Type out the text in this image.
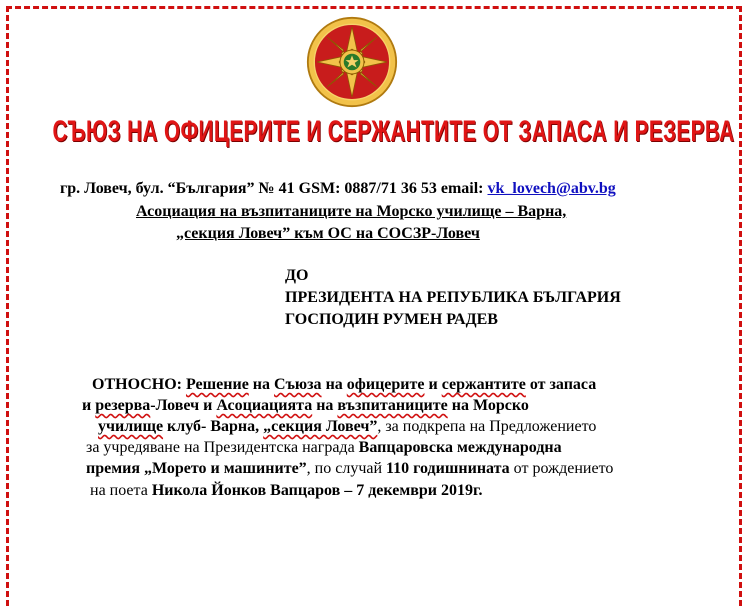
СЪЮЗ НА ОФИЦЕРИТЕ И СЕРЖАНТИТЕ ОТ ЗАПАСА И РЕЗЕРВА
гр. Ловеч, бул. “България” № 41 GSM: 0887/71 36 53 email: vk_lovech@abv.bg
Асоциация на възпитаниците на Морско училище – Варна,
„секция Ловеч” към ОС на СОСЗР-Ловеч
ДО
ПРЕЗИДЕНТА НА РЕПУБЛИКА БЪЛГАРИЯ
ГОСПОДИН РУМЕН РАДЕВ
ОТНОСНО: Решение на Съюза на офицерите и сержантите от запаса
и резерва-Ловеч и Асоциацията на възпитаниците на Морско
училище клуб- Варна, „секция Ловеч”, за подкрепа на Предложението
за учредяване на Президентска награда Вапцаровска международна
премия „Морето и машините”, по случай 110 годишнината от рождението
на поета Никола Йонков Вапцаров – 7 декември 2019г.
